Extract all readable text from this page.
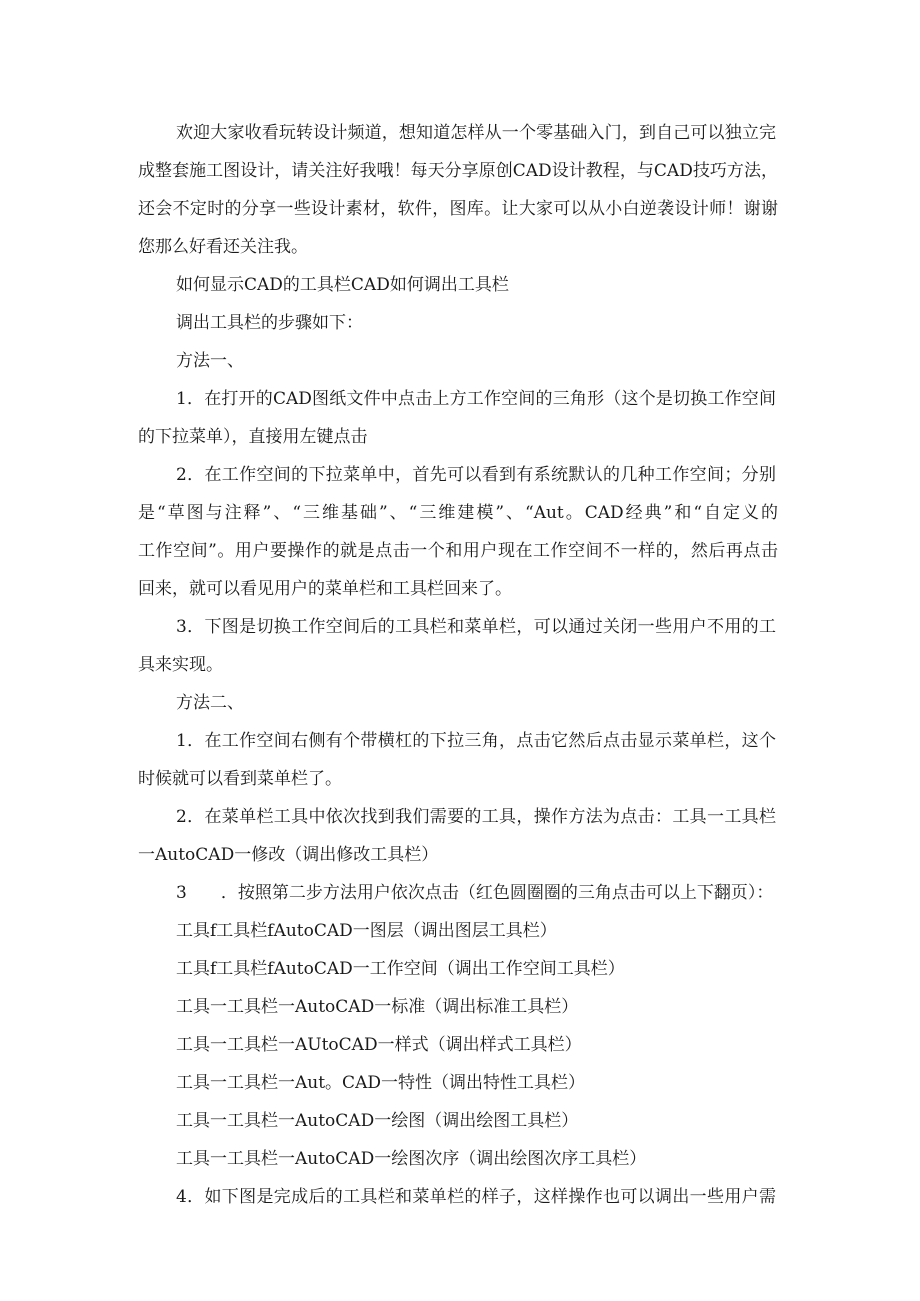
欢迎大家收看玩转设计频道，想知道怎样从一个零基础入门，到自己可以独立完
成整套施工图设计，请关注好我哦！每天分享原创CAD设计教程，与CAD技巧方法，
还会不定时的分享一些设计素材，软件，图库。让大家可以从小白逆袭设计师！谢谢
您那么好看还关注我。
如何显示CAD的工具栏CAD如何调出工具栏
调出工具栏的步骤如下：
方法一、
1．在打开的CAD图纸文件中点击上方工作空间的三角形（这个是切换工作空间
的下拉菜单），直接用左键点击
2．在工作空间的下拉菜单中，首先可以看到有系统默认的几种工作空间；分别
是“草图与注释”、“三维基础”、“三维建模”、“Aut。CAD经典”和“自定义的
工作空间”。用户要操作的就是点击一个和用户现在工作空间不一样的，然后再点击
回来，就可以看见用户的菜单栏和工具栏回来了。
3．下图是切换工作空间后的工具栏和菜单栏，可以通过关闭一些用户不用的工
具来实现。
方法二、
1．在工作空间右侧有个带横杠的下拉三角，点击它然后点击显示菜单栏，这个
时候就可以看到菜单栏了。
2．在菜单栏工具中依次找到我们需要的工具，操作方法为点击：工具一工具栏
一AutoCAD一修改（调出修改工具栏）
3　　．按照第二步方法用户依次点击（红色圆圈圈的三角点击可以上下翻页）：
工具f工具栏fAutoCAD一图层（调出图层工具栏）
工具f工具栏fAutoCAD一工作空间（调出工作空间工具栏）
工具一工具栏一AutoCAD一标准（调出标准工具栏）
工具一工具栏一AUtoCAD一样式（调出样式工具栏）
工具一工具栏一Aut。CAD一特性（调出特性工具栏）
工具一工具栏一AutoCAD一绘图（调出绘图工具栏）
工具一工具栏一AutoCAD一绘图次序（调出绘图次序工具栏）
4．如下图是完成后的工具栏和菜单栏的样子，这样操作也可以调出一些用户需
